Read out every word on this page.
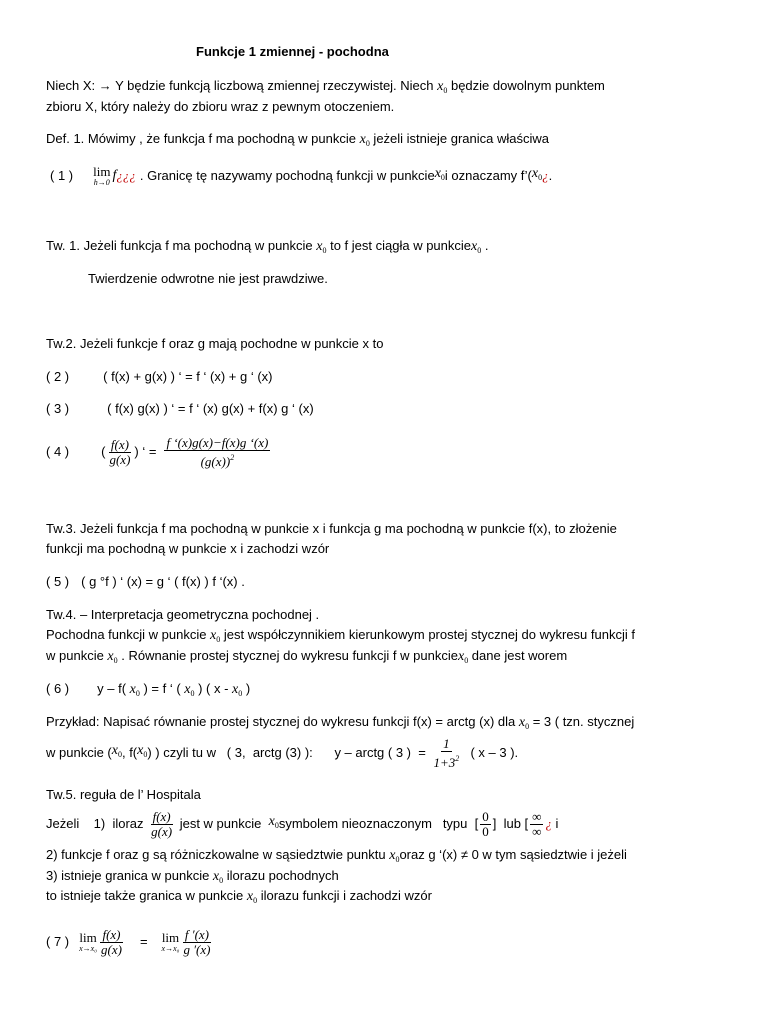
Funkcje 1 zmiennej - pochodna
Niech X: → Y będzie funkcją liczbową zmiennej rzeczywistej. Niech $x_0$ będzie dowolnym punktem
zbioru X, który należy do zbioru wraz z pewnym otoczeniem.
Def. 1. Mówimy , że funkcja f ma pochodną w punkcie $x_0$ jeżeli istnieje granica właściwa
( 1 ) lim
h→0 f ¿¿¿ . Granicę tę nazywamy pochodną funkcji w punkcie $x_0$ i oznaczamy f’( $x_0$ ¿ .
Tw. 1. Jeżeli funkcja f ma pochodną w punkcie $x_0$ to f jest ciągła w punkciex$_0$ .
Twierdzenie odwrotne nie jest prawdziwe.
Tw.2. Jeżeli funkcje f oraz g mają pochodne w punkcie x to
( 2 )	( f(x) + g(x) ) ‘ = f ‘ (x) + g ‘ (x)
( 3 )	( f(x) g(x) ) ‘ = f ‘ (x) g(x) + f(x) g ‘ (x)
( 4 ) ( $\frac{f(x)}{g(x)}$ ) ‘ = $\frac{f ‘(x)g(x)-f(x)g ‘(x)}{(g(x))^2}$
Tw.3. Jeżeli funkcja f ma pochodną w punkcie x i funkcja g ma pochodną w punkcie f(x), to złożenie
funkcji ma pochodną w punkcie x i zachodzi wzór
( 5 ) ( g °f ) ‘ (x) = g ‘ ( f(x) ) f ‘(x) .
Tw.4. – Interpretacja geometryczna pochodnej .
Pochodna funkcji w punkcie $x_0$ jest współczynnikiem kierunkowym prostej stycznej do wykresu funkcji f
w punkcie $x_0$ . Równanie prostej stycznej do wykresu funkcji f w punkciex$_0$ dane jest worem
( 6 ) y – f( $x_0$ ) = f ‘ ( $x_0$ ) ( x - $x_0$ )
Przykład: Napisać równanie prostej stycznej do wykresu funkcji f(x) = arctg (x) dla $x_0 = 3$ ( tzn. stycznej
w punkcie ( $x_0$ , f( $x_0$ ) ) czyli tu w   ( 3,  arctg (3) ):      y – arctg ( 3 )  = $\frac{1}{1+3^2}$ ( x – 3 ).
Tw.5. reguła de l’ Hospitala
Jeżeli    1)  iloraz $\frac{f(x)}{g(x)}$ jest w punkcie $x_0$ symbolem nieoznaczonym   typu  [ $\frac{0}{0}$ ]  lub [ $\frac{\infty}{\infty}$ ¿ i
2) funkcje f oraz g są różniczkowalne w sąsiedztwie punktu $x_0oraz$ g ‘(x) ≠ 0 w tym sąsiedztwie i jeżeli
3) istnieje granica w punkcie $x_0$ ilorazu pochodnych
to istnieje także granica w punkcie $x_0$ ilorazu funkcji i zachodzi wzór
( 7 ) lim
$x\to x_0 \frac{f(x)}{g(x)} = \lim$
$x\to x_0 \frac{f '(x)}{g '(x)}$
